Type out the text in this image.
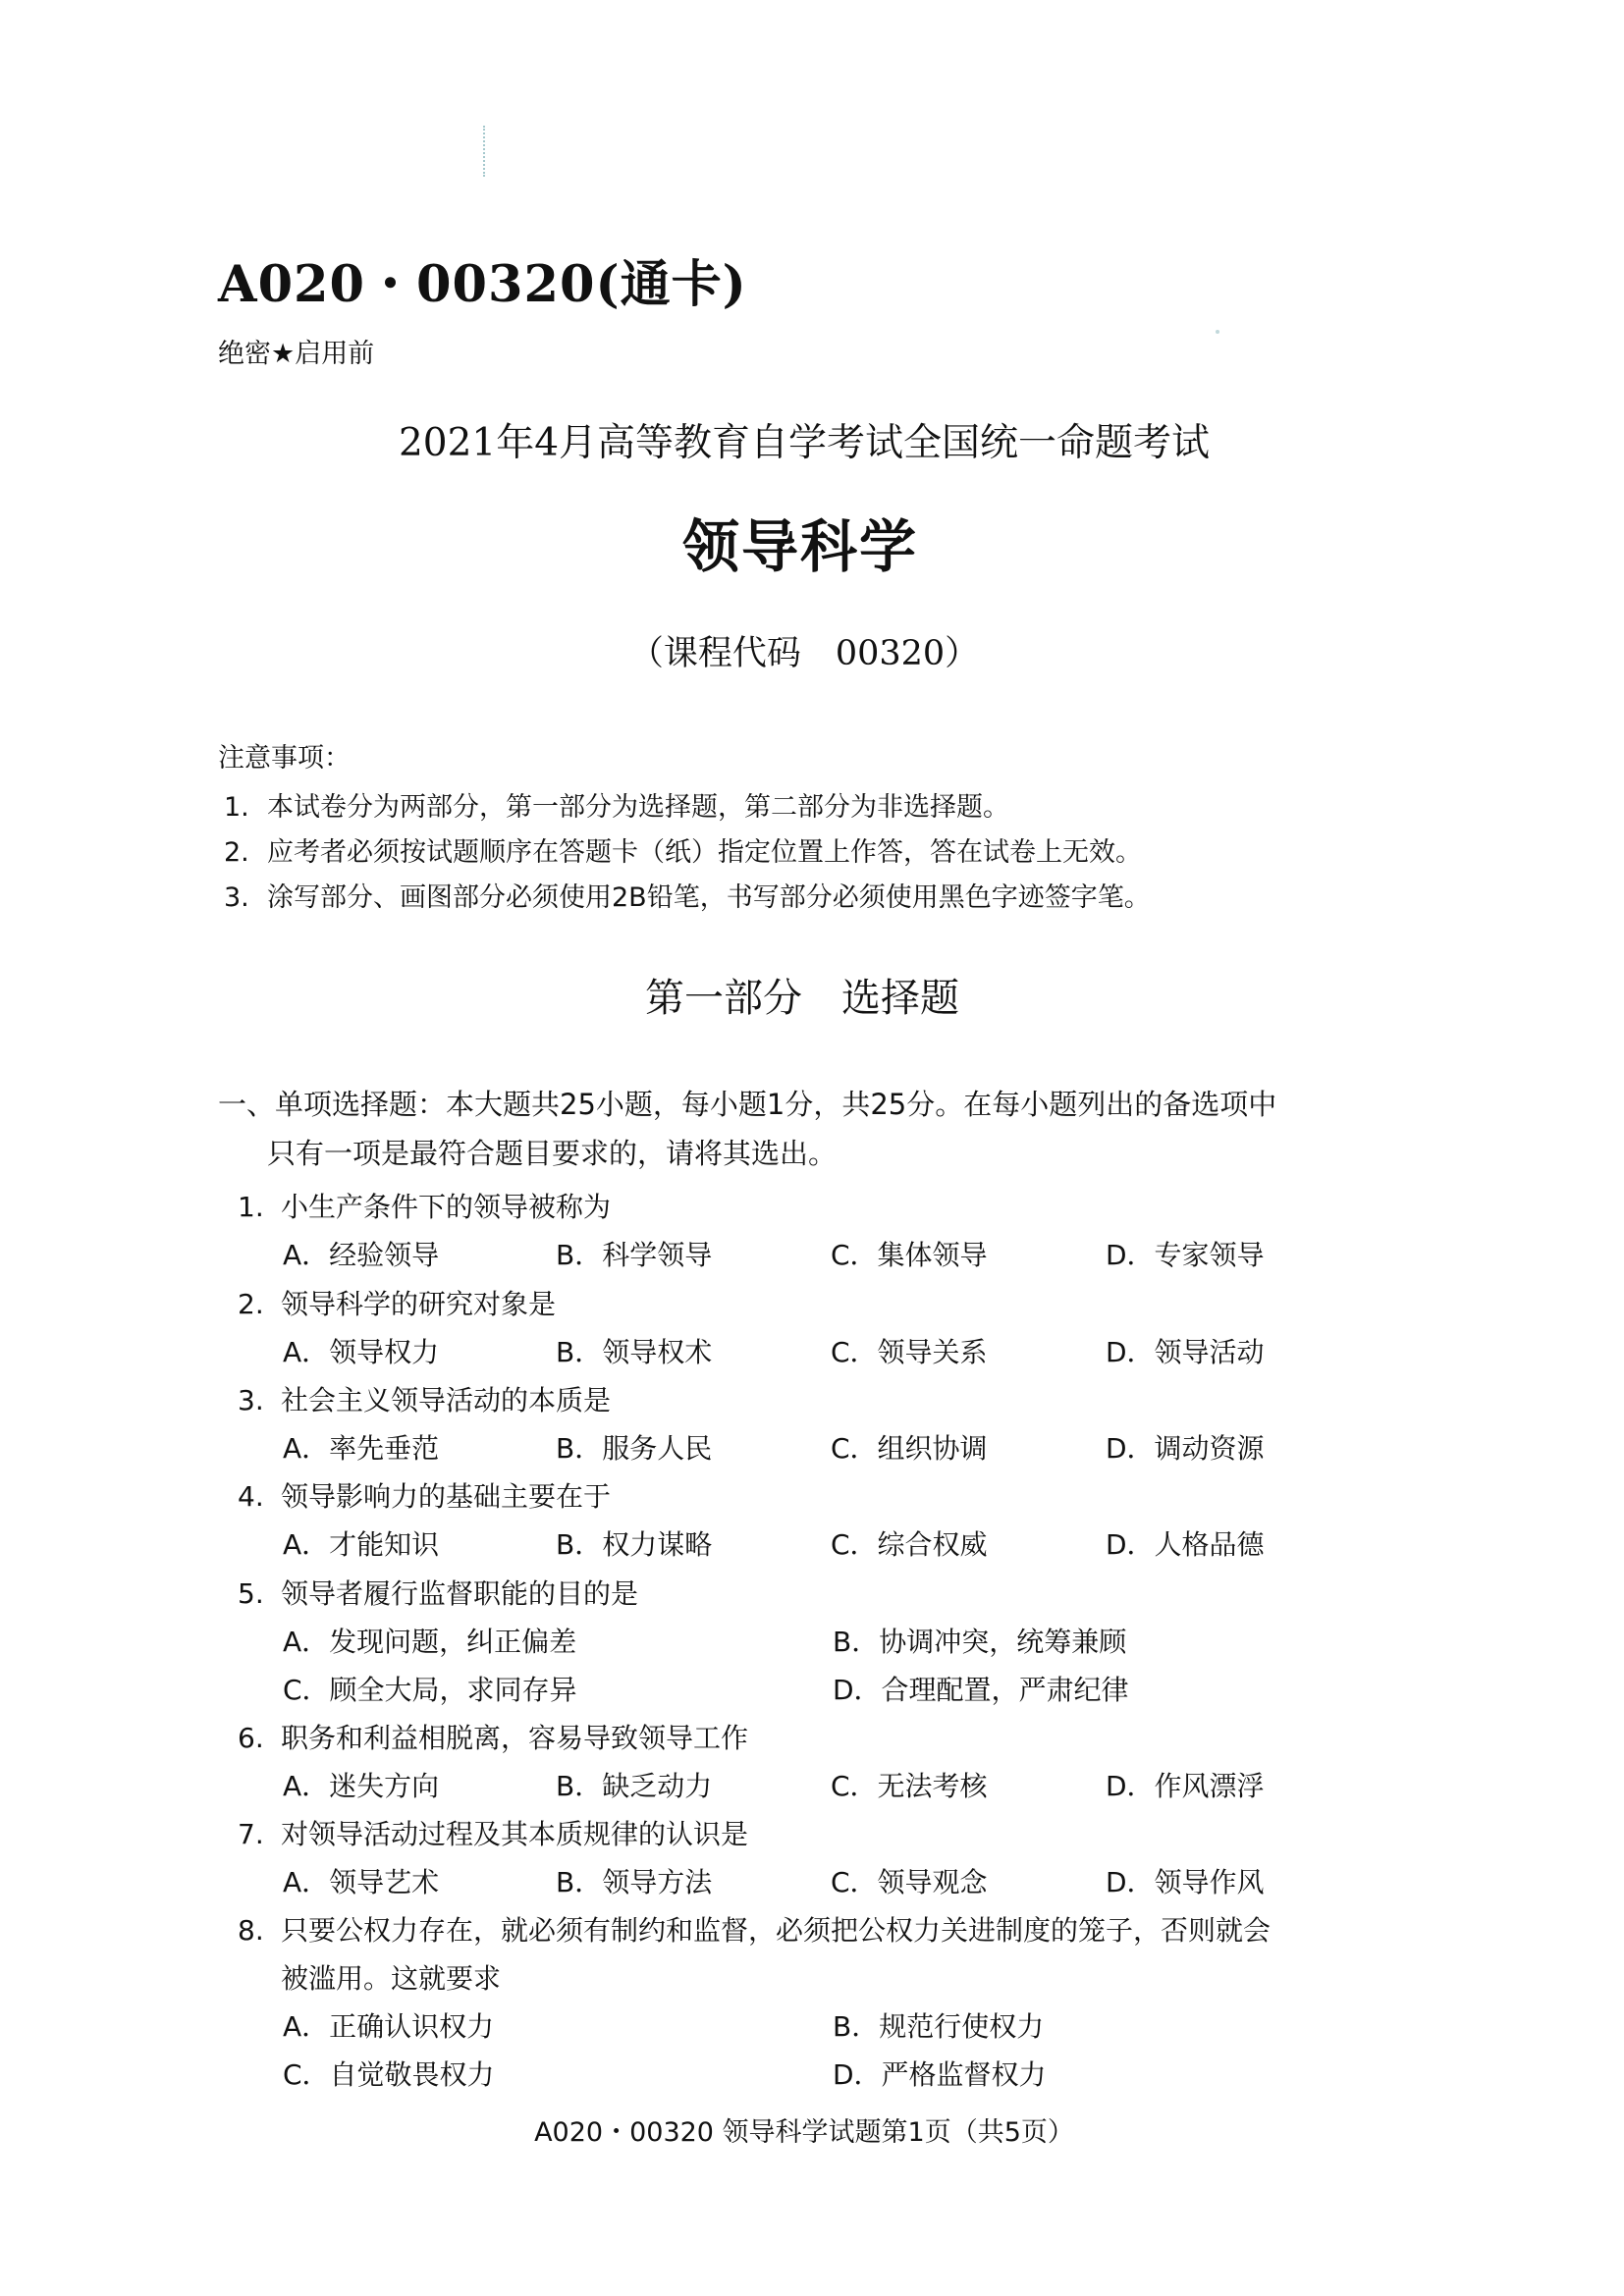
A020・00320(通卡)
绝密★启用前
2021年4月高等教育自学考试全国统一命题考试
领导科学
（课程代码　00320）
注意事项：
1. 本试卷分为两部分，第一部分为选择题，第二部分为非选择题。
2. 应考者必须按试题顺序在答题卡（纸）指定位置上作答，答在试卷上无效。
3. 涂写部分、画图部分必须使用2B铅笔，书写部分必须使用黑色字迹签字笔。
第一部分　选择题
一、单项选择题：本大题共25小题，每小题1分，共25分。在每小题列出的备选项中
只有一项是最符合题目要求的，请将其选出。
1. 小生产条件下的领导被称为
A．经验领导	B．科学领导	C．集体领导	D．专家领导
2. 领导科学的研究对象是
A．领导权力	B．领导权术	C．领导关系	D．领导活动
3. 社会主义领导活动的本质是
A．率先垂范	B．服务人民	C．组织协调	D．调动资源
4. 领导影响力的基础主要在于
A．才能知识	B．权力谋略	C．综合权威	D．人格品德
5. 领导者履行监督职能的目的是
A．发现问题，纠正偏差	B．协调冲突，统筹兼顾
C．顾全大局，求同存异	D．合理配置，严肃纪律
6. 职务和利益相脱离，容易导致领导工作
A．迷失方向	B．缺乏动力	C．无法考核	D．作风漂浮
7. 对领导活动过程及其本质规律的认识是
A．领导艺术	B．领导方法	C．领导观念	D．领导作风
8. 只要公权力存在，就必须有制约和监督，必须把公权力关进制度的笼子，否则就会
被滥用。这就要求
A．正确认识权力	B．规范行使权力
C．自觉敬畏权力	D．严格监督权力
A020・00320 领导科学试题第1页（共5页）
